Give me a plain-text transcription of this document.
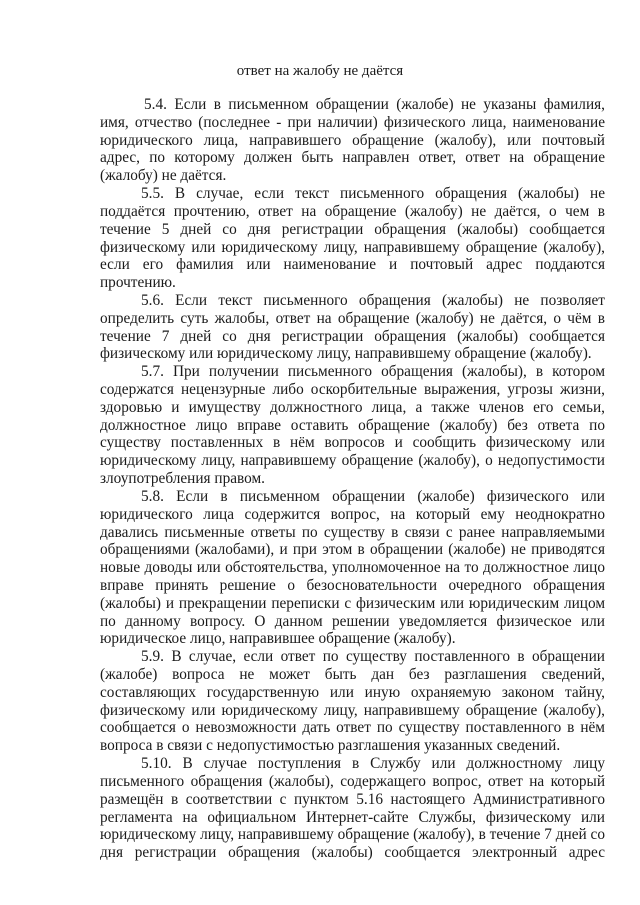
ответ на жалобу не даётся

5.4. Если в письменном обращении (жалобе) не указаны фамилия, имя, отчество (последнее - при наличии) физического лица, наименование юридического лица, направившего обращение (жалобу), или почтовый адрес, по которому должен быть направлен ответ, ответ на обращение (жалобу) не даётся.

5.5. В случае, если текст письменного обращения (жалобы) не поддаётся прочтению, ответ на обращение (жалобу) не даётся, о чем в течение 5 дней со дня регистрации обращения (жалобы) сообщается физическому или юридическому лицу, направившему обращение (жалобу), если его фамилия или наименование и почтовый адрес поддаются прочтению.

5.6. Если текст письменного обращения (жалобы) не позволяет определить суть жалобы, ответ на обращение (жалобу) не даётся, о чём в течение 7 дней со дня регистрации обращения (жалобы) сообщается физическому или юридическому лицу, направившему обращение (жалобу).

5.7. При получении письменного обращения (жалобы), в котором содержатся нецензурные либо оскорбительные выражения, угрозы жизни, здоровью и имуществу должностного лица, а также членов его семьи, должностное лицо вправе оставить обращение (жалобу) без ответа по существу поставленных в нём вопросов и сообщить физическому или юридическому лицу, направившему обращение (жалобу), о недопустимости злоупотребления правом.

5.8. Если в письменном обращении (жалобе) физического или юридического лица содержится вопрос, на который ему неоднократно давались письменные ответы по существу в связи с ранее направляемыми обращениями (жалобами), и при этом в обращении (жалобе) не приводятся новые доводы или обстоятельства, уполномоченное на то должностное лицо вправе принять решение о безосновательности очередного обращения (жалобы) и прекращении переписки с физическим или юридическим лицом по данному вопросу. О данном решении уведомляется физическое или юридическое лицо, направившее обращение (жалобу).

5.9. В случае, если ответ по существу поставленного в обращении (жалобе) вопроса не может быть дан без разглашения сведений, составляющих государственную или иную охраняемую законом тайну, физическому или юридическому лицу, направившему обращение (жалобу), сообщается о невозможности дать ответ по существу поставленного в нём вопроса в связи с недопустимостью разглашения указанных сведений.

5.10. В случае поступления в Службу или должностному лицу письменного обращения (жалобы), содержащего вопрос, ответ на который размещён в соответствии с пунктом 5.16 настоящего Административного регламента на официальном Интернет-сайте Службы, физическому или юридическому лицу, направившему обращение (жалобу), в течение 7 дней со дня регистрации обращения (жалобы) сообщается электронный адрес
